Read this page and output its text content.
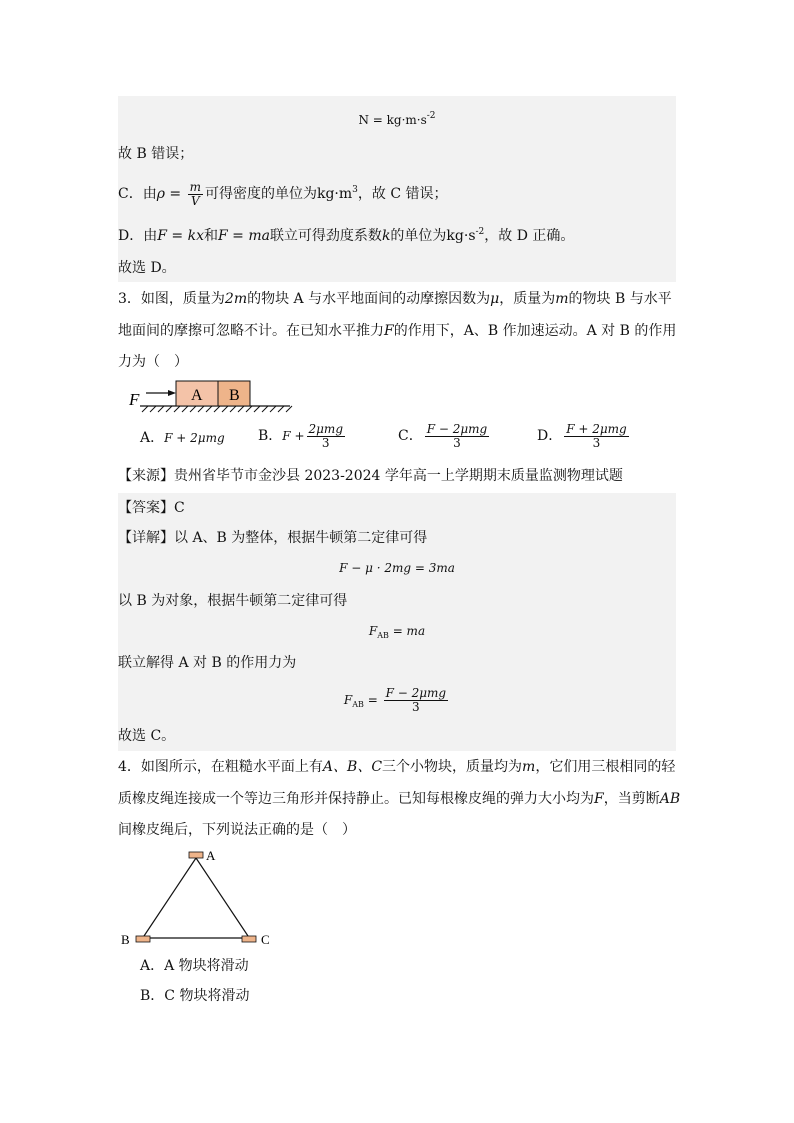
$N = kg\cdot m\cdot s^{-2}$
故 B 错误；
C．由$\rho = \frac{m}{V}$ 可得密度的单位为$kg\cdot m^3$，故 C 错误；
D．由F = kx和F = ma联立可得劲度系数k的单位为$kg\cdot s^{-2}$，故 D 正确。
故选 D。
3．如图，质量为2m的物块 A 与水平地面间的动摩擦因数为μ，质量为m的物块 B 与水平
地面间的摩擦可忽略不计。在已知水平推力F的作用下，A、B 作加速运动。A 对 B 的作用
力为（　）
F	A B
A．F + 2μmg B．$F + \frac{\text{2μmg}}{3}$	C． $\frac{\text{F − 2μmg}}{3}$	D． $\frac{\text{F + 2μmg}}{3}$
【来源】贵州省毕节市金沙县 2023-2024 学年高一上学期期末质量监测物理试题
【答案】C
【详解】以 A、B 为整体，根据牛顿第二定律可得
F − μ · 2mg = 3ma
以 B 为对象，根据牛顿第二定律可得
$F_{AB}$ = ma
联立解得 A 对 B 的作用力为
$F_{AB} = \frac{\text{F − 2μmg}}{3}$
故选 C。
4．如图所示，在粗糙水平面上有A、B、C三个小物块，质量均为m，它们用三根相同的轻
质橡皮绳连接成一个等边三角形并保持静止。已知每根橡皮绳的弹力大小均为F，当剪断AB
间橡皮绳后，下列说法正确的是（　）
A
B	C
A．A 物块将滑动
B．C 物块将滑动
